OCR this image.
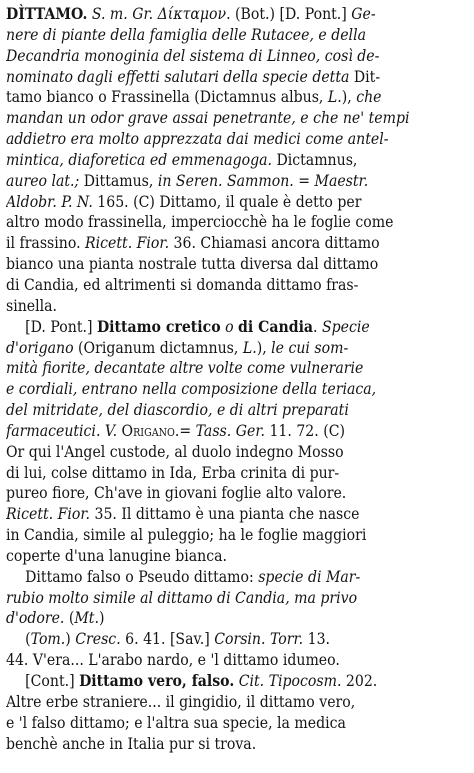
DÌTTAMO. S. m. Gr. Δίκταμον. (Bot.) [D. Pont.] Ge-
nere di piante della famiglia delle Rutacee, e della
Decandria monoginia del sistema di Linneo, così de-
nominato dagli effetti salutari della specie detta Dit-
tamo bianco o Frassinella (Dictamnus albus, L.), che
mandan un odor grave assai penetrante, e che ne' tempi
addietro era molto apprezzata dai medici come antel-
mintica, diaforetica ed emmenagoga. Dictamnus,
aureo lat.; Dittamus, in Seren. Sammon. = Maestr.
Aldobr. P. N. 165. (C) Dittamo, il quale è detto per
altro modo frassinella, imperciocchè ha le foglie come
il frassino. Ricett. Fior. 36. Chiamasi ancora dittamo
bianco una pianta nostrale tutta diversa dal dittamo
di Candia, ed altrimenti si domanda dittamo fras-
sinella.
[D. Pont.] Dittamo cretico o di Candia. Specie
d'origano (Origanum dictamnus, L.), le cui som-
mità fiorite, decantate altre volte come vulnerarie
e cordiali, entrano nella composizione della teriaca,
del mitridate, del diascordio, e di altri preparati
farmaceutici. V. Origano.= Tass. Ger. 11. 72. (C)
Or qui l'Angel custode, al duolo indegno Mosso
di lui, colse dittamo in Ida, Erba crinita di pur-
pureo fiore, Ch'ave in giovani foglie alto valore.
Ricett. Fior. 35. Il dittamo è una pianta che nasce
in Candia, simile al puleggio; ha le foglie maggiori
coperte d'una lanugine bianca.
Dittamo falso o Pseudo dittamo: specie di Mar-
rubio molto simile al dittamo di Candia, ma privo
d'odore. (Mt.)
(Tom.) Cresc. 6. 41. [Sav.] Corsin. Torr. 13.
44. V'era... L'arabo nardo, e 'l dittamo idumeo.
[Cont.] Dittamo vero, falso. Cit. Tipocosm. 202.
Altre erbe straniere... il gingidio, il dittamo vero,
e 'l falso dittamo; e l'altra sua specie, la medica
benchè anche in Italia pur si trova.
